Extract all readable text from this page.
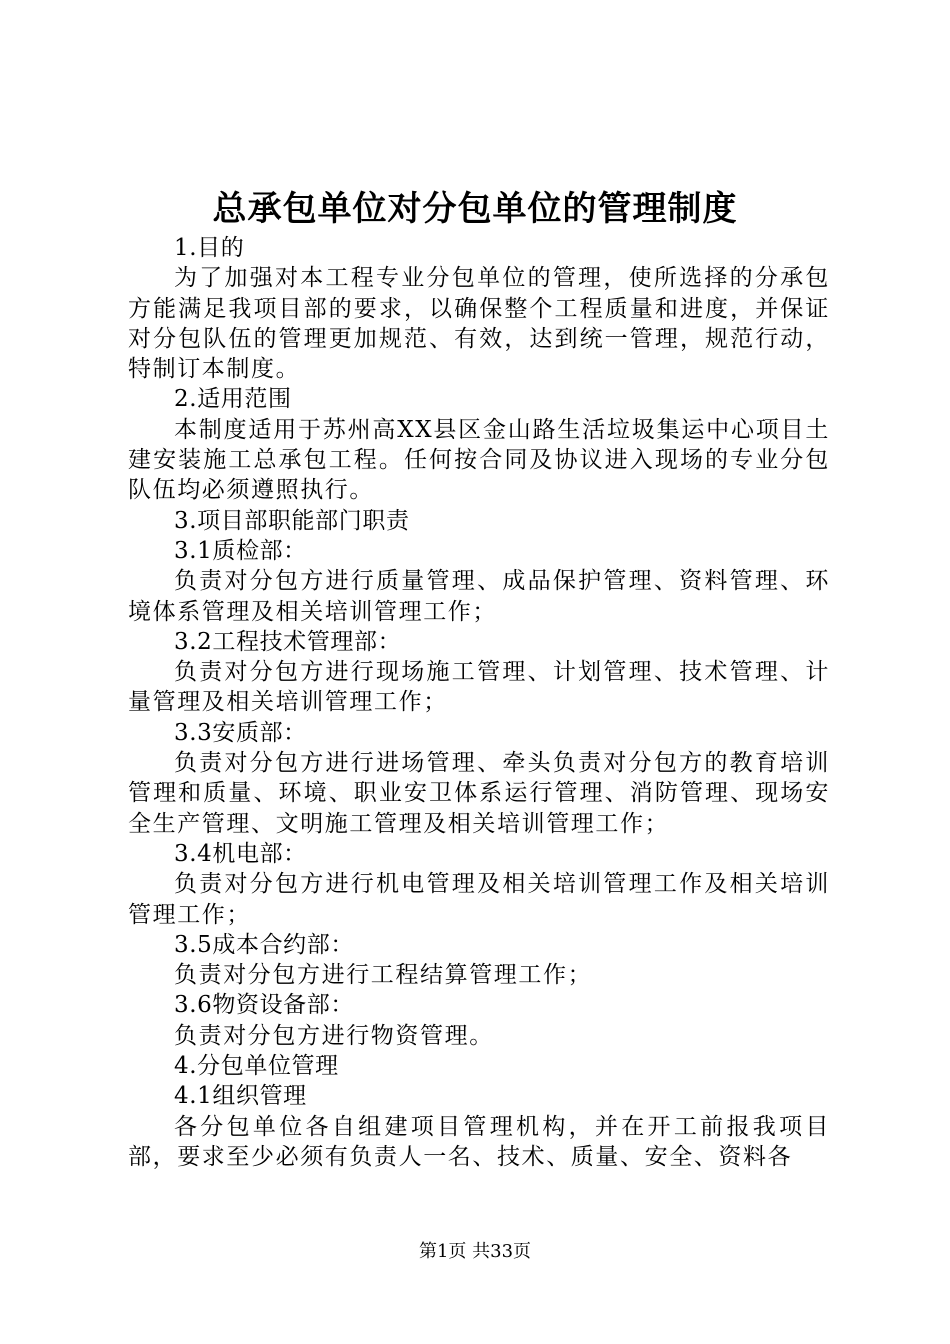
总承包单位对分包单位的管理制度

1.目的

为了加强对本工程专业分包单位的管理，使所选择的分承包方能满足我项目部的要求，以确保整个工程质量和进度，并保证对分包队伍的管理更加规范、有效，达到统一管理，规范行动，特制订本制度。

2.适用范围

本制度适用于苏州高XX县区金山路生活垃圾集运中心项目土建安装施工总承包工程。任何按合同及协议进入现场的专业分包队伍均必须遵照执行。

3.项目部职能部门职责

3.1质检部：

负责对分包方进行质量管理、成品保护管理、资料管理、环境体系管理及相关培训管理工作；

3.2工程技术管理部：

负责对分包方进行现场施工管理、计划管理、技术管理、计量管理及相关培训管理工作；

3.3安质部：

负责对分包方进行进场管理、牵头负责对分包方的教育培训管理和质量、环境、职业安卫体系运行管理、消防管理、现场安全生产管理、文明施工管理及相关培训管理工作；

3.4机电部：

负责对分包方进行机电管理及相关培训管理工作及相关培训管理工作；

3.5成本合约部：

负责对分包方进行工程结算管理工作；

3.6物资设备部：

负责对分包方进行物资管理。

4.分包单位管理

4.1组织管理

各分包单位各自组建项目管理机构，并在开工前报我项目部，要求至少必须有负责人一名、技术、质量、安全、资料各

第1页 共33页
